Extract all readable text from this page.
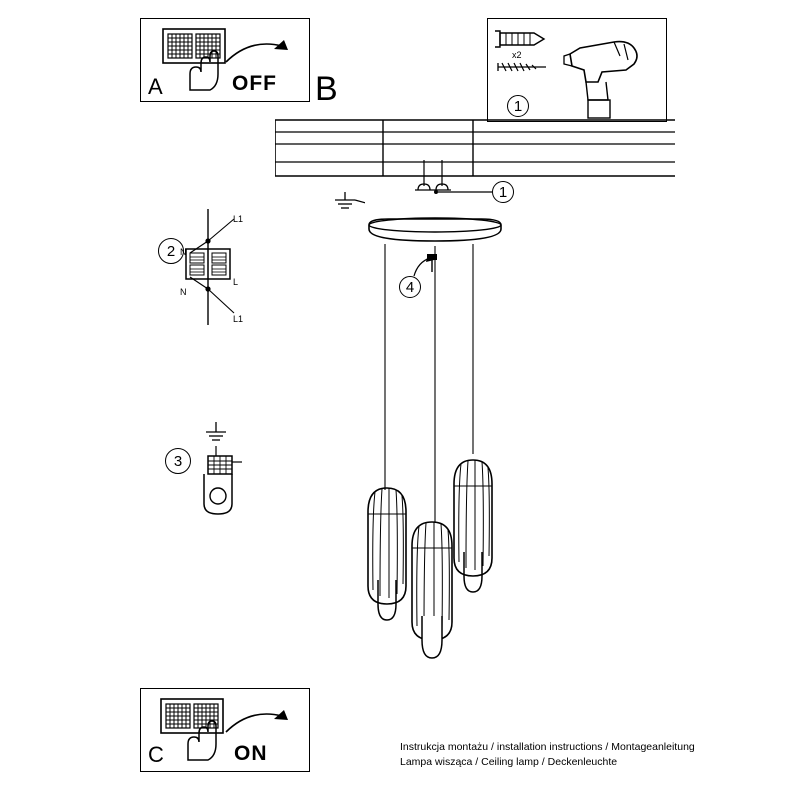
A	OFF B
x2
1
1
4
2
L1
L
L1
N
N
3
C	ON	Instrukcja montażu / installation instructions / Montageanleitung
Lampa wisząca / Ceiling lamp / Deckenleuchte
